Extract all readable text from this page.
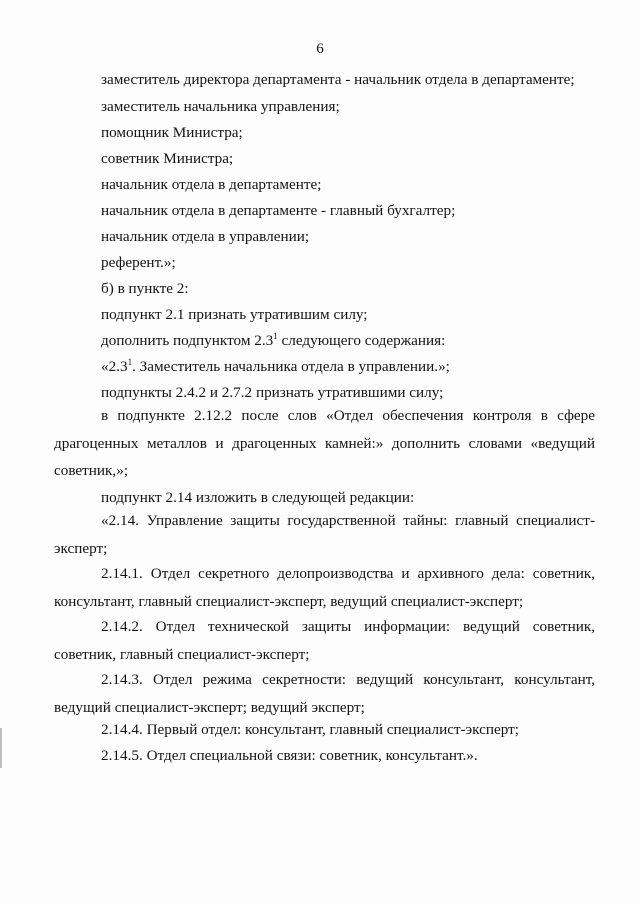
6
заместитель директора департамента - начальник отдела в департаменте;
заместитель начальника управления;
помощник Министра;
советник Министра;
начальник отдела в департаменте;
начальник отдела в департаменте - главный бухгалтер;
начальник отдела в управлении;
референт.»;
б) в пункте 2:
подпункт 2.1 признать утратившим силу;
дополнить подпунктом $2.3^1$ следующего содержания:
«$2.3^1$. Заместитель начальника отдела в управлении.»;
подпункты 2.4.2 и 2.7.2 признать утратившими силу;
в подпункте 2.12.2 после слов «Отдел обеспечения контроля в сфере драгоценных металлов и драгоценных камней:» дополнить словами «ведущий советник,»;
подпункт 2.14 изложить в следующей редакции:
«2.14. Управление защиты государственной тайны: главный специалист-эксперт;
2.14.1. Отдел секретного делопроизводства и архивного дела: советник, консультант, главный специалист-эксперт, ведущий специалист-эксперт;
2.14.2. Отдел технической защиты информации: ведущий советник, советник, главный специалист-эксперт;
2.14.3. Отдел режима секретности: ведущий консультант, консультант, ведущий специалист-эксперт; ведущий эксперт;
2.14.4. Первый отдел: консультант, главный специалист-эксперт;
2.14.5. Отдел специальной связи: советник, консультант.».
